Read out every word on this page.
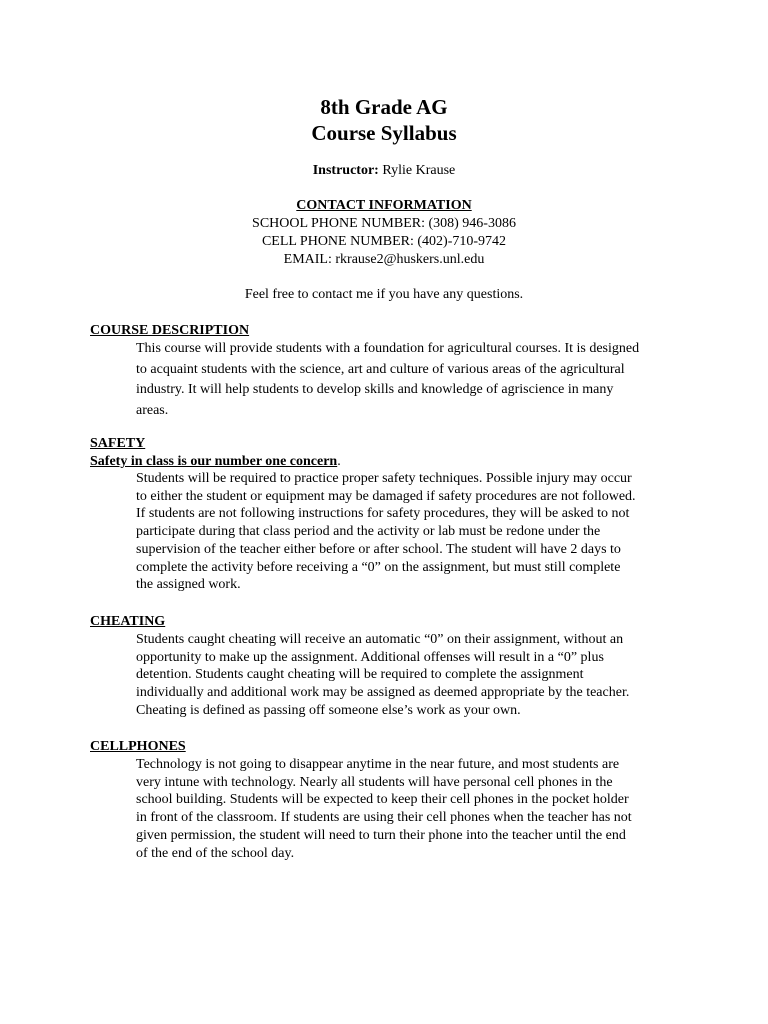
8th Grade AG
Course Syllabus
Instructor: Rylie Krause
CONTACT INFORMATION
SCHOOL PHONE NUMBER: (308) 946-3086
CELL PHONE NUMBER: (402)-710-9742
EMAIL: rkrause2@huskers.unl.edu
Feel free to contact me if you have any questions.
COURSE DESCRIPTION
This course will provide students with a foundation for agricultural courses. It is designed
to acquaint students with the science, art and culture of various areas of the agricultural
industry. It will help students to develop skills and knowledge of agriscience in many
areas.
SAFETY
Safety in class is our number one concern.
Students will be required to practice proper safety techniques. Possible injury may occur
to either the student or equipment may be damaged if safety procedures are not followed.
If students are not following instructions for safety procedures, they will be asked to not
participate during that class period and the activity or lab must be redone under the
supervision of the teacher either before or after school. The student will have 2 days to
complete the activity before receiving a “0” on the assignment, but must still complete
the assigned work.
CHEATING
Students caught cheating will receive an automatic “0” on their assignment, without an
opportunity to make up the assignment. Additional offenses will result in a “0” plus
detention. Students caught cheating will be required to complete the assignment
individually and additional work may be assigned as deemed appropriate by the teacher.
Cheating is defined as passing off someone else’s work as your own.
CELLPHONES
Technology is not going to disappear anytime in the near future, and most students are
very intune with technology. Nearly all students will have personal cell phones in the
school building. Students will be expected to keep their cell phones in the pocket holder
in front of the classroom. If students are using their cell phones when the teacher has not
given permission, the student will need to turn their phone into the teacher until the end
of the end of the school day.
